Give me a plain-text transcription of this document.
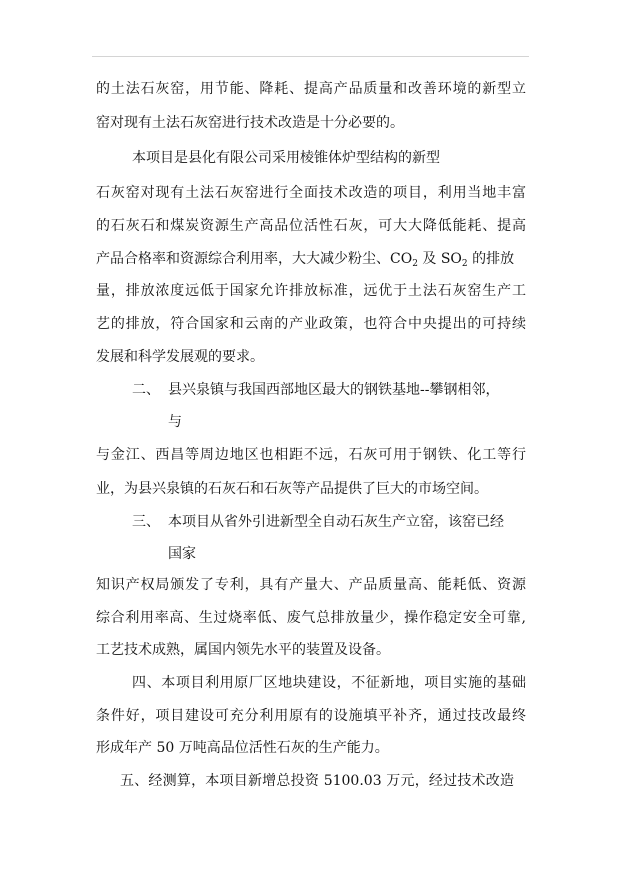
的土法石灰窑，用节能、降耗、提高产品质量和改善环境的新型立
窑对现有土法石灰窑进行技术改造是十分必要的。
本项目是县化有限公司采用棱锥体炉型结构的新型
石灰窑对现有土法石灰窑进行全面技术改造的项目，利用当地丰富
的石灰石和煤炭资源生产高品位活性石灰，可大大降低能耗、提高
产品合格率和资源综合利用率，大大减少粉尘、$CO_2$ 及 $SO_2$ 的排放
量，排放浓度远低于国家允许排放标准，远优于土法石灰窑生产工
艺的排放，符合国家和云南的产业政策，也符合中央提出的可持续
发展和科学发展观的要求。
二、 县兴泉镇与我国西部地区最大的钢铁基地--攀钢相邻，
与
与金江、西昌等周边地区也相距不远，石灰可用于钢铁、化工等行
业，为县兴泉镇的石灰石和石灰等产品提供了巨大的市场空间。
三、 本项目从省外引进新型全自动石灰生产立窑，该窑已经
国家
知识产权局颁发了专利，具有产量大、产品质量高、能耗低、资源
综合利用率高、生过烧率低、废气总排放量少，操作稳定安全可靠,
工艺技术成熟，属国内领先水平的装置及设备。
四、本项目利用原厂区地块建设，不征新地，项目实施的基础
条件好，项目建设可充分利用原有的设施填平补齐，通过技改最终
形成年产 50 万吨高品位活性石灰的生产能力。
五、经测算，本项目新增总投资 5100.03 万元，经过技术改造
